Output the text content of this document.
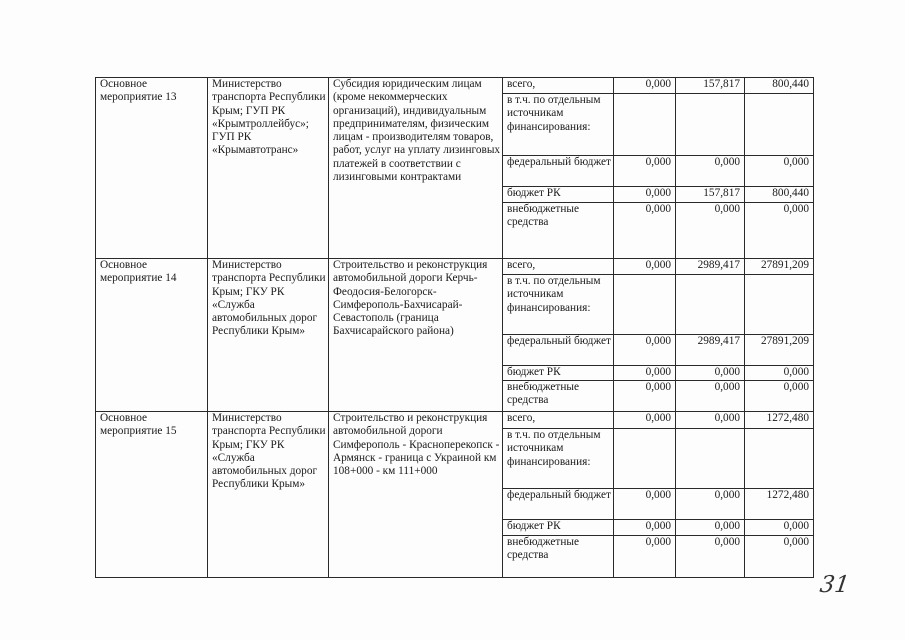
Основное мероприятие 13	Министерство транспорта Республики Крым; ГУП РК «Крымтроллейбус»; ГУП РК «Крымавтотранс»	Субсидия юридическим лицам (кроме некоммерческих организаций), индивидуальным предпринимателям, физическим лицам - производителям товаров, работ, услуг на уплату лизинговых платежей в соответствии с лизинговыми контрактами	всего,	0,000	157,817	800,440
			в т.ч. по отдельным источникам финансирования:			
			федеральный бюджет	0,000	0,000	0,000
			бюджет РК	0,000	157,817	800,440
			внебюджетные средства	0,000	0,000	0,000
Основное мероприятие 14	Министерство транспорта Республики Крым; ГКУ РК «Служба автомобильных дорог Республики Крым»	Строительство и реконструкция автомобильной дороги Керчь-Феодосия-Белогорск-Симферополь-Бахчисарай-Севастополь (граница Бахчисарайского района)	всего,	0,000	2989,417	27891,209
			в т.ч. по отдельным источникам финансирования:			
			федеральный бюджет	0,000	2989,417	27891,209
			бюджет РК	0,000	0,000	0,000
			внебюджетные средства	0,000	0,000	0,000
Основное мероприятие 15	Министерство транспорта Республики Крым; ГКУ РК «Служба автомобильных дорог Республики Крым»	Строительство и реконструкция автомобильной дороги Симферополь - Красноперекопск - Армянск - граница с Украиной км 108+000 - км 111+000	всего,	0,000	0,000	1272,480
			в т.ч. по отдельным источникам финансирования:			
			федеральный бюджет	0,000	0,000	1272,480
			бюджет РК	0,000	0,000	0,000
			внебюджетные средства	0,000	0,000	0,000
31
